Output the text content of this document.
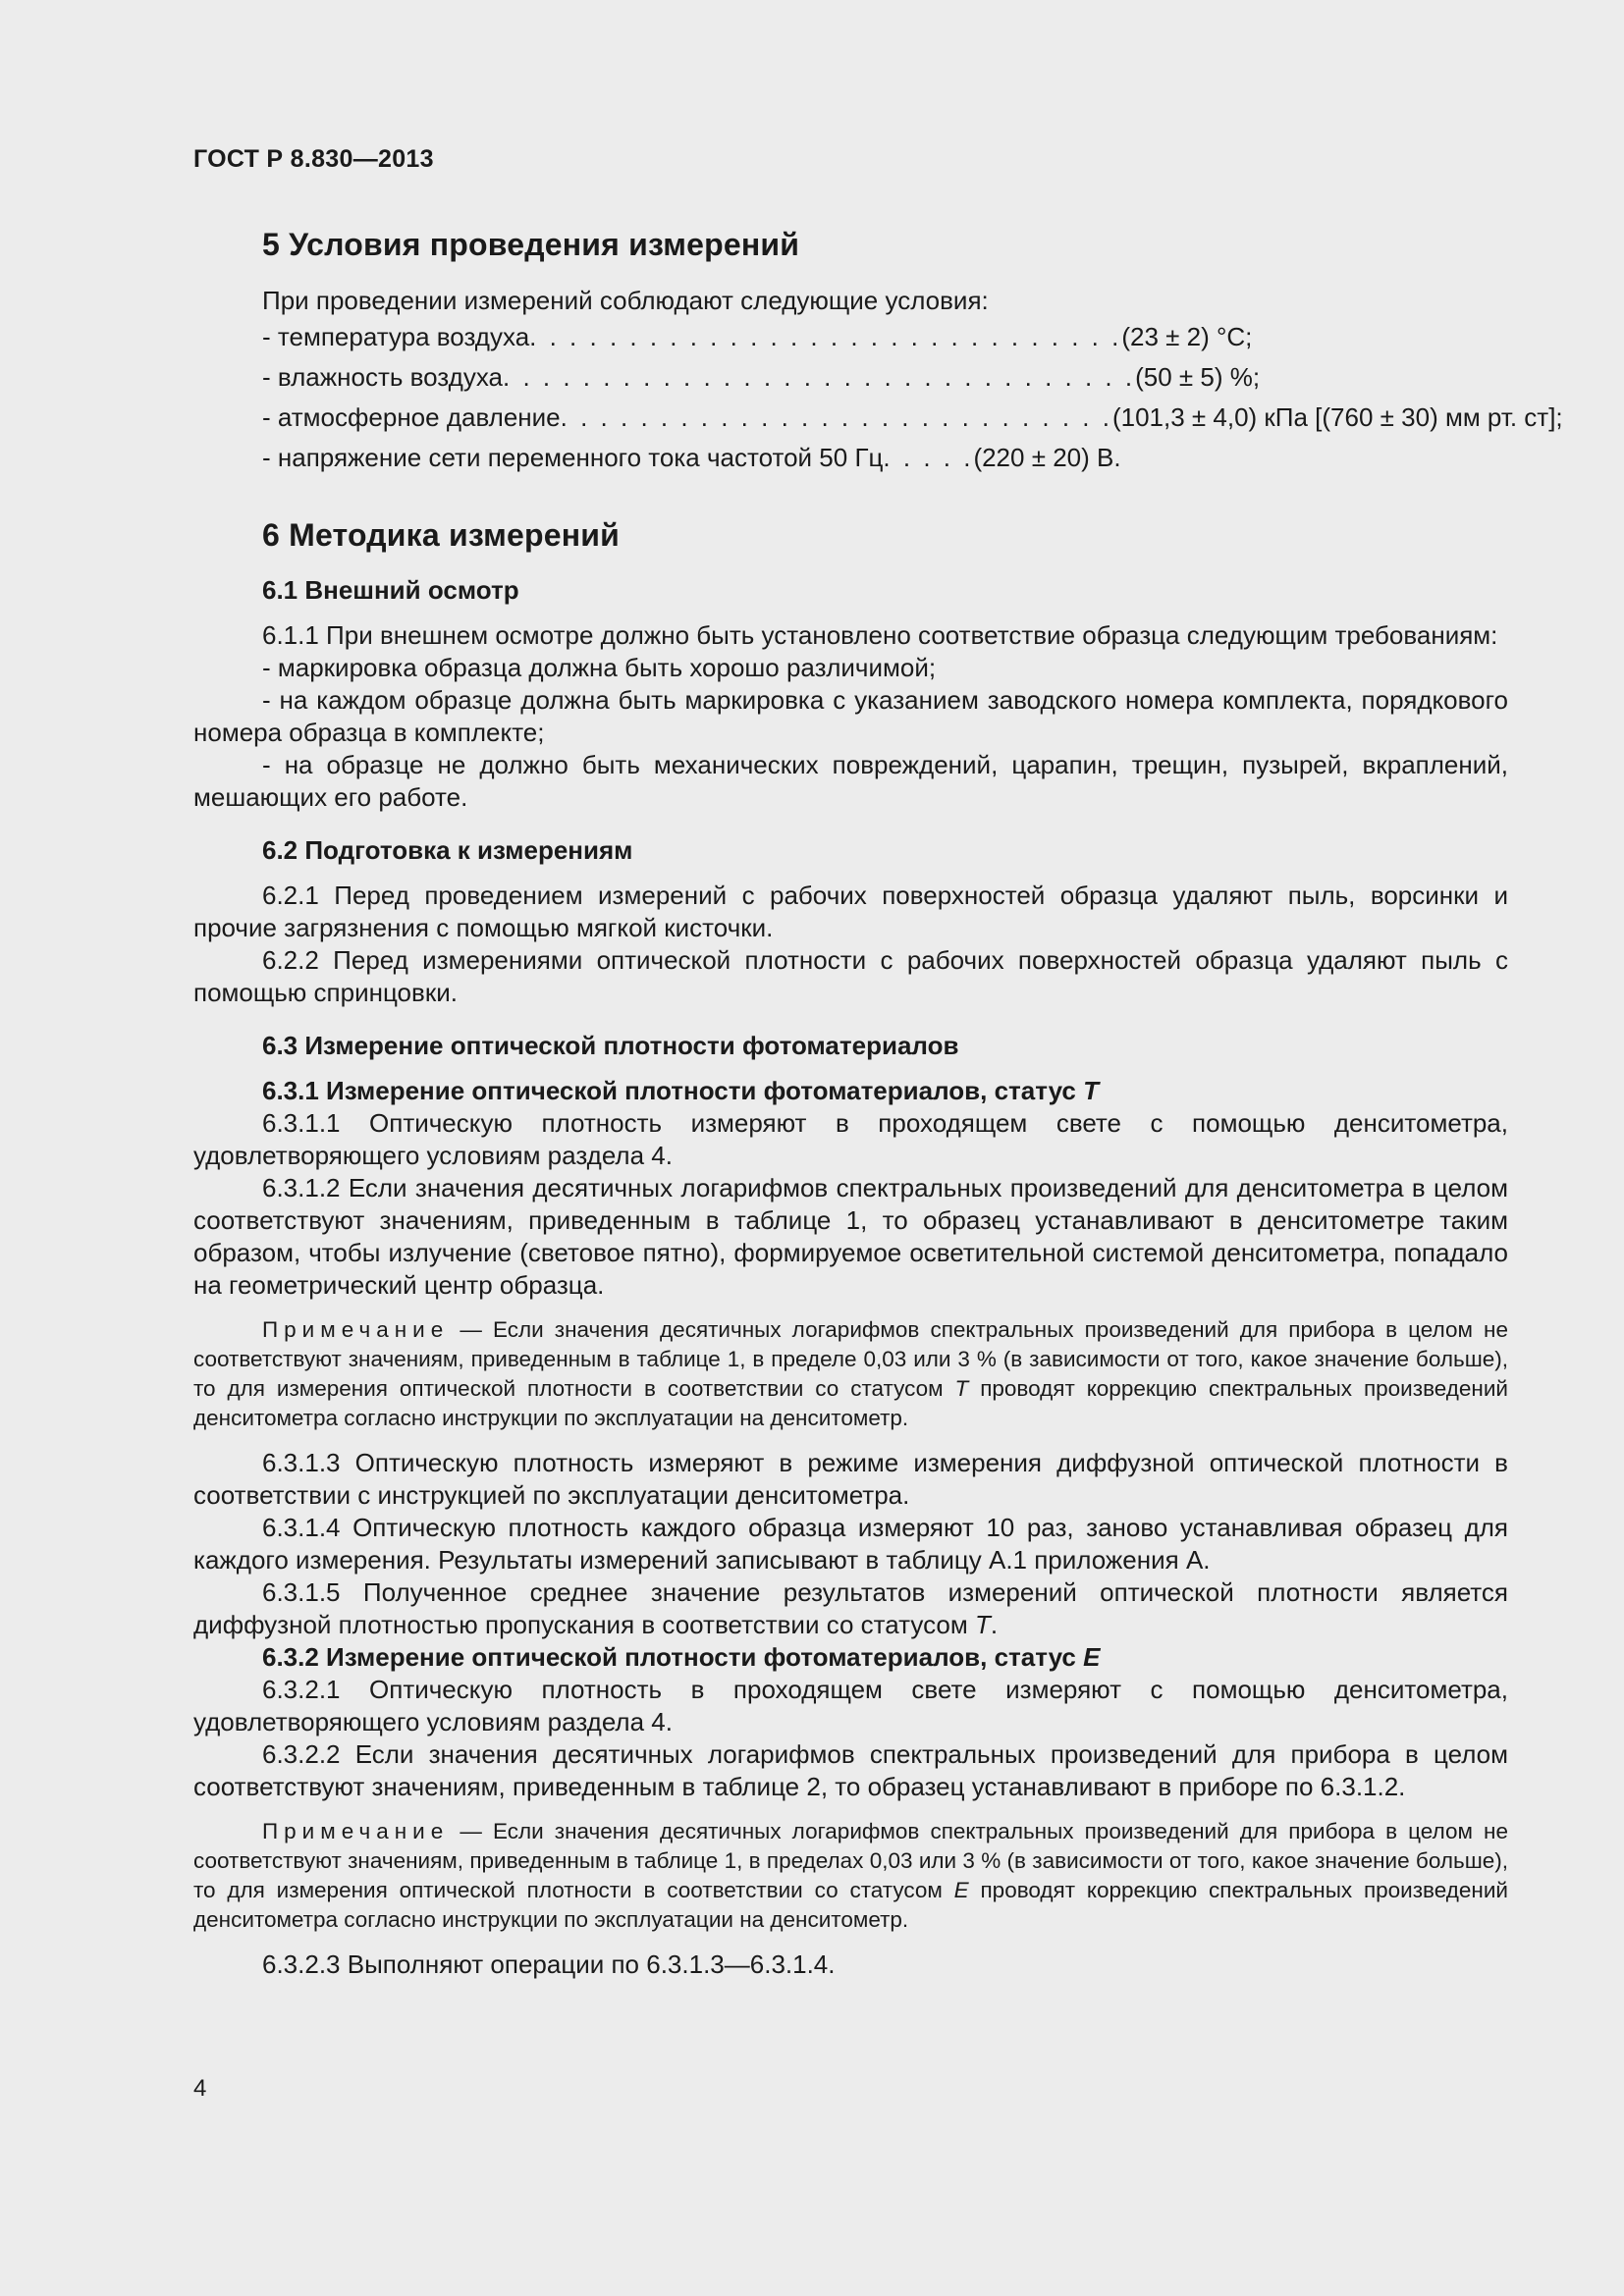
ГОСТ Р 8.830—2013
5 Условия проведения измерений
При проведении измерений соблюдают следующие условия:
- температура воздуха . . . . . . . . . . . . . . . . . . . . . . . . . . . . . . (23 ± 2) °С;
- влажность воздуха . . . . . . . . . . . . . . . . . . . . . . . . . . . . . . . . (50 ± 5) %;
- атмосферное давление . . . . . . . . . . . . . . . . . . . . . . . . . . . . (101,3 ± 4,0) кПа [(760 ± 30) мм рт. ст];
- напряжение сети переменного тока частотой 50 Гц . . . . . (220 ± 20) В.
6 Методика измерений
6.1 Внешний осмотр

6.1.1 При внешнем осмотре должно быть установлено соответствие образца следующим требованиям:

- маркировка образца должна быть хорошо различимой;

- на каждом образце должна быть маркировка с указанием заводского номера комплекта, порядкового номера образца в комплекте;

- на образце не должно быть механических повреждений, царапин, трещин, пузырей, вкраплений, мешающих его работе.

6.2 Подготовка к измерениям

6.2.1 Перед проведением измерений с рабочих поверхностей образца удаляют пыль, ворсинки и прочие загрязнения с помощью мягкой кисточки.

6.2.2 Перед измерениями оптической плотности с рабочих поверхностей образца удаляют пыль с помощью спринцовки.

6.3 Измерение оптической плотности фотоматериалов
6.3.1 Измерение оптической плотности фотоматериалов, статус Т

6.3.1.1 Оптическую плотность измеряют в проходящем свете с помощью денситометра, удовлетворяющего условиям раздела 4.

6.3.1.2 Если значения десятичных логарифмов спектральных произведений для денситометра в целом соответствуют значениям, приведенным в таблице 1, то образец устанавливают в денситометре таким образом, чтобы излучение (световое пятно), формируемое осветительной системой денситометра, попадало на геометрический центр образца.

Примечание — Если значения десятичных логарифмов спектральных произведений для прибора в целом не соответствуют значениям, приведенным в таблице 1, в пределе 0,03 или 3 % (в зависимости от того, какое значение больше), то для измерения оптической плотности в соответствии со статусом Т проводят коррекцию спектральных произведений денситометра согласно инструкции по эксплуатации на денситометр.

6.3.1.3 Оптическую плотность измеряют в режиме измерения диффузной оптической плотности в соответствии с инструкцией по эксплуатации денситометра.

6.3.1.4 Оптическую плотность каждого образца измеряют 10 раз, заново устанавливая образец для каждого измерения. Результаты измерений записывают в таблицу А.1 приложения А.

6.3.1.5 Полученное среднее значение результатов измерений оптической плотности является диффузной плотностью пропускания в соответствии со статусом Т.

6.3.2 Измерение оптической плотности фотоматериалов, статус Е

6.3.2.1 Оптическую плотность в проходящем свете измеряют с помощью денситометра, удовлетворяющего условиям раздела 4.

6.3.2.2 Если значения десятичных логарифмов спектральных произведений для прибора в целом соответствуют значениям, приведенным в таблице 2, то образец устанавливают в приборе по 6.3.1.2.

Примечание — Если значения десятичных логарифмов спектральных произведений для прибора в целом не соответствуют значениям, приведенным в таблице 1, в пределах 0,03 или 3 % (в зависимости от того, какое значение больше), то для измерения оптической плотности в соответствии со статусом Е проводят коррекцию спектральных произведений денситометра согласно инструкции по эксплуатации на денситометр.

6.3.2.3 Выполняют операции по 6.3.1.3—6.3.1.4.

4
